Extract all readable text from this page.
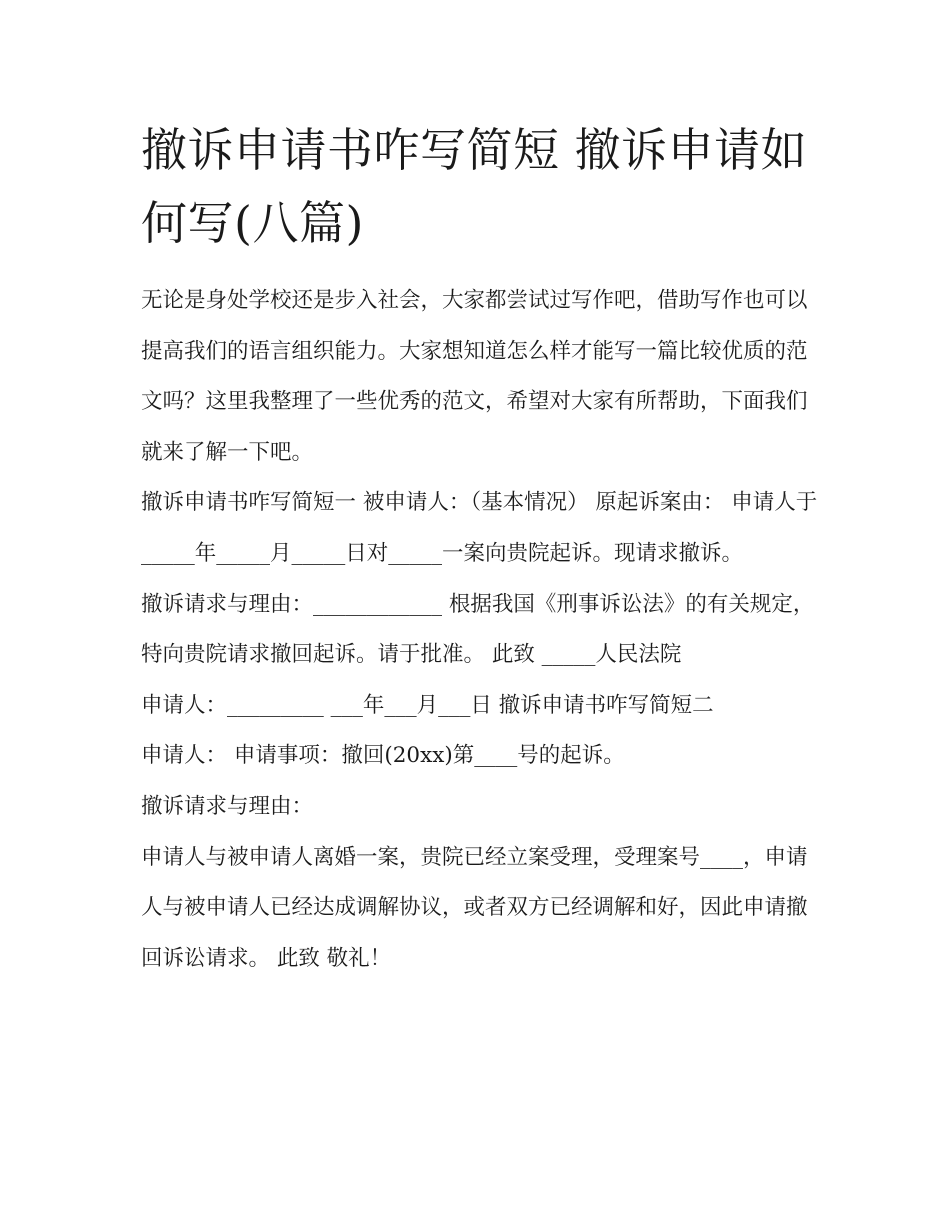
撤诉申请书咋写简短 撤诉申请如何写(八篇)

无论是身处学校还是步入社会，大家都尝试过写作吧，借助写作也可以提高我们的语言组织能力。大家想知道怎么样才能写一篇比较优质的范文吗？这里我整理了一些优秀的范文，希望对大家有所帮助，下面我们就来了解一下吧。

撤诉申请书咋写简短一 被申请人：（基本情况） 原起诉案由： 申请人于_____年_____月_____日对_____一案向贵院起诉。现请求撤诉。

撤诉请求与理由：____________ 根据我国《刑事诉讼法》的有关规定，特向贵院请求撤回起诉。请于批准。 此致 _____人民法院

申请人：_________ ___年___月___日 撤诉申请书咋写简短二

申请人： 申请事项：撤回(20xx)第____号的起诉。

撤诉请求与理由：

申请人与被申请人离婚一案，贵院已经立案受理，受理案号____，申请人与被申请人已经达成调解协议，或者双方已经调解和好，因此申请撤回诉讼请求。 此致 敬礼！
